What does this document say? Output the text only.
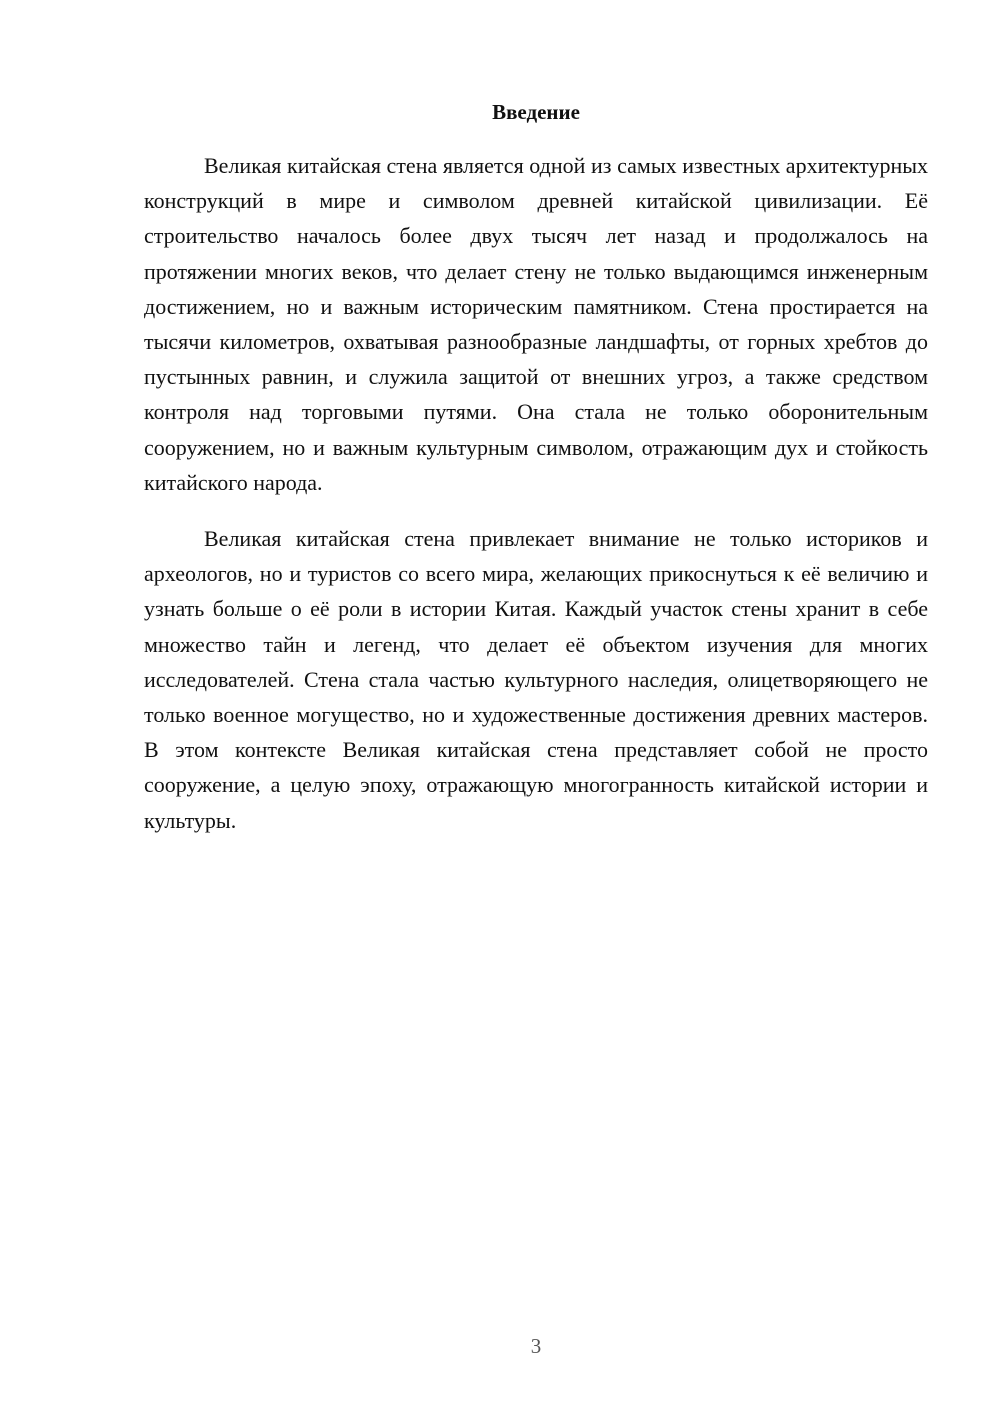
Введение

Великая китайская стена является одной из самых известных архитектурных конструкций в мире и символом древней китайской цивилизации. Её строительство началось более двух тысяч лет назад и продолжалось на протяжении многих веков, что делает стену не только выдающимся инженерным достижением, но и важным историческим памятником. Стена простирается на тысячи километров, охватывая разнообразные ландшафты, от горных хребтов до пустынных равнин, и служила защитой от внешних угроз, а также средством контроля над торговыми путями. Она стала не только оборонительным сооружением, но и важным культурным символом, отражающим дух и стойкость китайского народа.

Великая китайская стена привлекает внимание не только историков и археологов, но и туристов со всего мира, желающих прикоснуться к её величию и узнать больше о её роли в истории Китая. Каждый участок стены хранит в себе множество тайн и легенд, что делает её объектом изучения для многих исследователей. Стена стала частью культурного наследия, олицетворяющего не только военное могущество, но и художественные достижения древних мастеров. В этом контексте Великая китайская стена представляет собой не просто сооружение, а целую эпоху, отражающую многогранность китайской истории и культуры.

3
